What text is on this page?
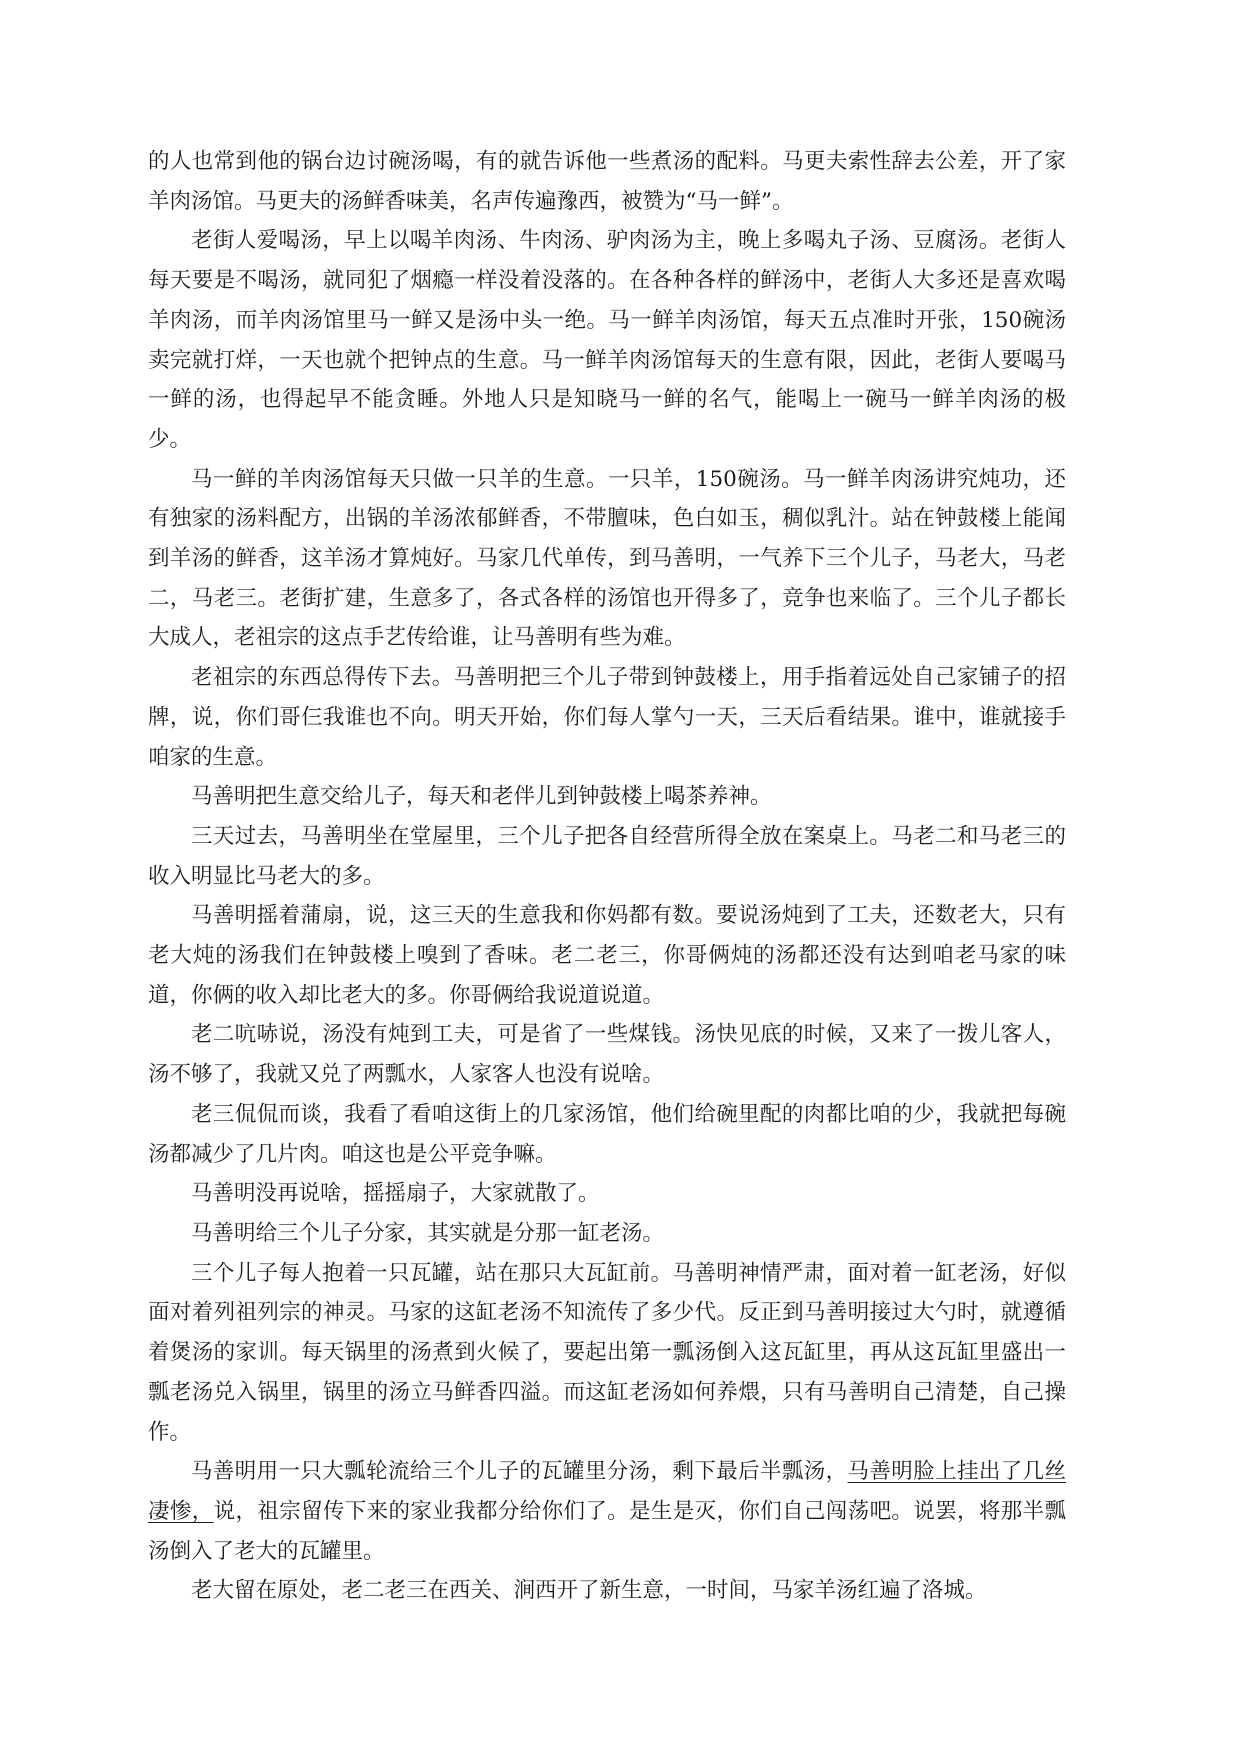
的人也常到他的锅台边讨碗汤喝，有的就告诉他一些煮汤的配料。马更夫索性辞去公差，开了家羊肉汤馆。马更夫的汤鲜香味美，名声传遍豫西，被赞为“马一鲜”。

老街人爱喝汤，早上以喝羊肉汤、牛肉汤、驴肉汤为主，晚上多喝丸子汤、豆腐汤。老街人每天要是不喝汤，就同犯了烟瘾一样没着没落的。在各种各样的鲜汤中，老街人大多还是喜欢喝羊肉汤，而羊肉汤馆里马一鲜又是汤中头一绝。马一鲜羊肉汤馆，每天五点准时开张，150碗汤卖完就打烊，一天也就个把钟点的生意。马一鲜羊肉汤馆每天的生意有限，因此，老街人要喝马一鲜的汤，也得起早不能贪睡。外地人只是知晓马一鲜的名气，能喝上一碗马一鲜羊肉汤的极少。

马一鲜的羊肉汤馆每天只做一只羊的生意。一只羊，150碗汤。马一鲜羊肉汤讲究炖功，还有独家的汤料配方，出锅的羊汤浓郁鲜香，不带膻味，色白如玉，稠似乳汁。站在钟鼓楼上能闻到羊汤的鲜香，这羊汤才算炖好。马家几代单传，到马善明，一气养下三个儿子，马老大，马老二，马老三。老街扩建，生意多了，各式各样的汤馆也开得多了，竞争也来临了。三个儿子都长大成人，老祖宗的这点手艺传给谁，让马善明有些为难。

老祖宗的东西总得传下去。马善明把三个儿子带到钟鼓楼上，用手指着远处自己家铺子的招牌，说，你们哥仨我谁也不向。明天开始，你们每人掌勺一天，三天后看结果。谁中，谁就接手咱家的生意。

马善明把生意交给儿子，每天和老伴儿到钟鼓楼上喝茶养神。

三天过去，马善明坐在堂屋里，三个儿子把各自经营所得全放在案桌上。马老二和马老三的收入明显比马老大的多。

马善明摇着蒲扇，说，这三天的生意我和你妈都有数。要说汤炖到了工夫，还数老大，只有老大炖的汤我们在钟鼓楼上嗅到了香味。老二老三，你哥俩炖的汤都还没有达到咱老马家的味道，你俩的收入却比老大的多。你哥俩给我说道说道。

老二吭哧说，汤没有炖到工夫，可是省了一些煤钱。汤快见底的时候，又来了一拨儿客人，汤不够了，我就又兑了两瓢水，人家客人也没有说啥。

老三侃侃而谈，我看了看咱这街上的几家汤馆，他们给碗里配的肉都比咱的少，我就把每碗汤都减少了几片肉。咱这也是公平竞争嘛。

马善明没再说啥，摇摇扇子，大家就散了。

马善明给三个儿子分家，其实就是分那一缸老汤。

三个儿子每人抱着一只瓦罐，站在那只大瓦缸前。马善明神情严肃，面对着一缸老汤，好似面对着列祖列宗的神灵。马家的这缸老汤不知流传了多少代。反正到马善明接过大勺时，就遵循着煲汤的家训。每天锅里的汤煮到火候了，要起出第一瓢汤倒入这瓦缸里，再从这瓦缸里盛出一瓢老汤兑入锅里，锅里的汤立马鲜香四溢。而这缸老汤如何养煨，只有马善明自己清楚，自己操作。

马善明用一只大瓢轮流给三个儿子的瓦罐里分汤，剩下最后半瓢汤，马善明脸上挂出了几丝凄惨，说，祖宗留传下来的家业我都分给你们了。是生是灭，你们自己闯荡吧。说罢，将那半瓢汤倒入了老大的瓦罐里。

老大留在原处，老二老三在西关、涧西开了新生意，一时间，马家羊汤红遍了洛城。
